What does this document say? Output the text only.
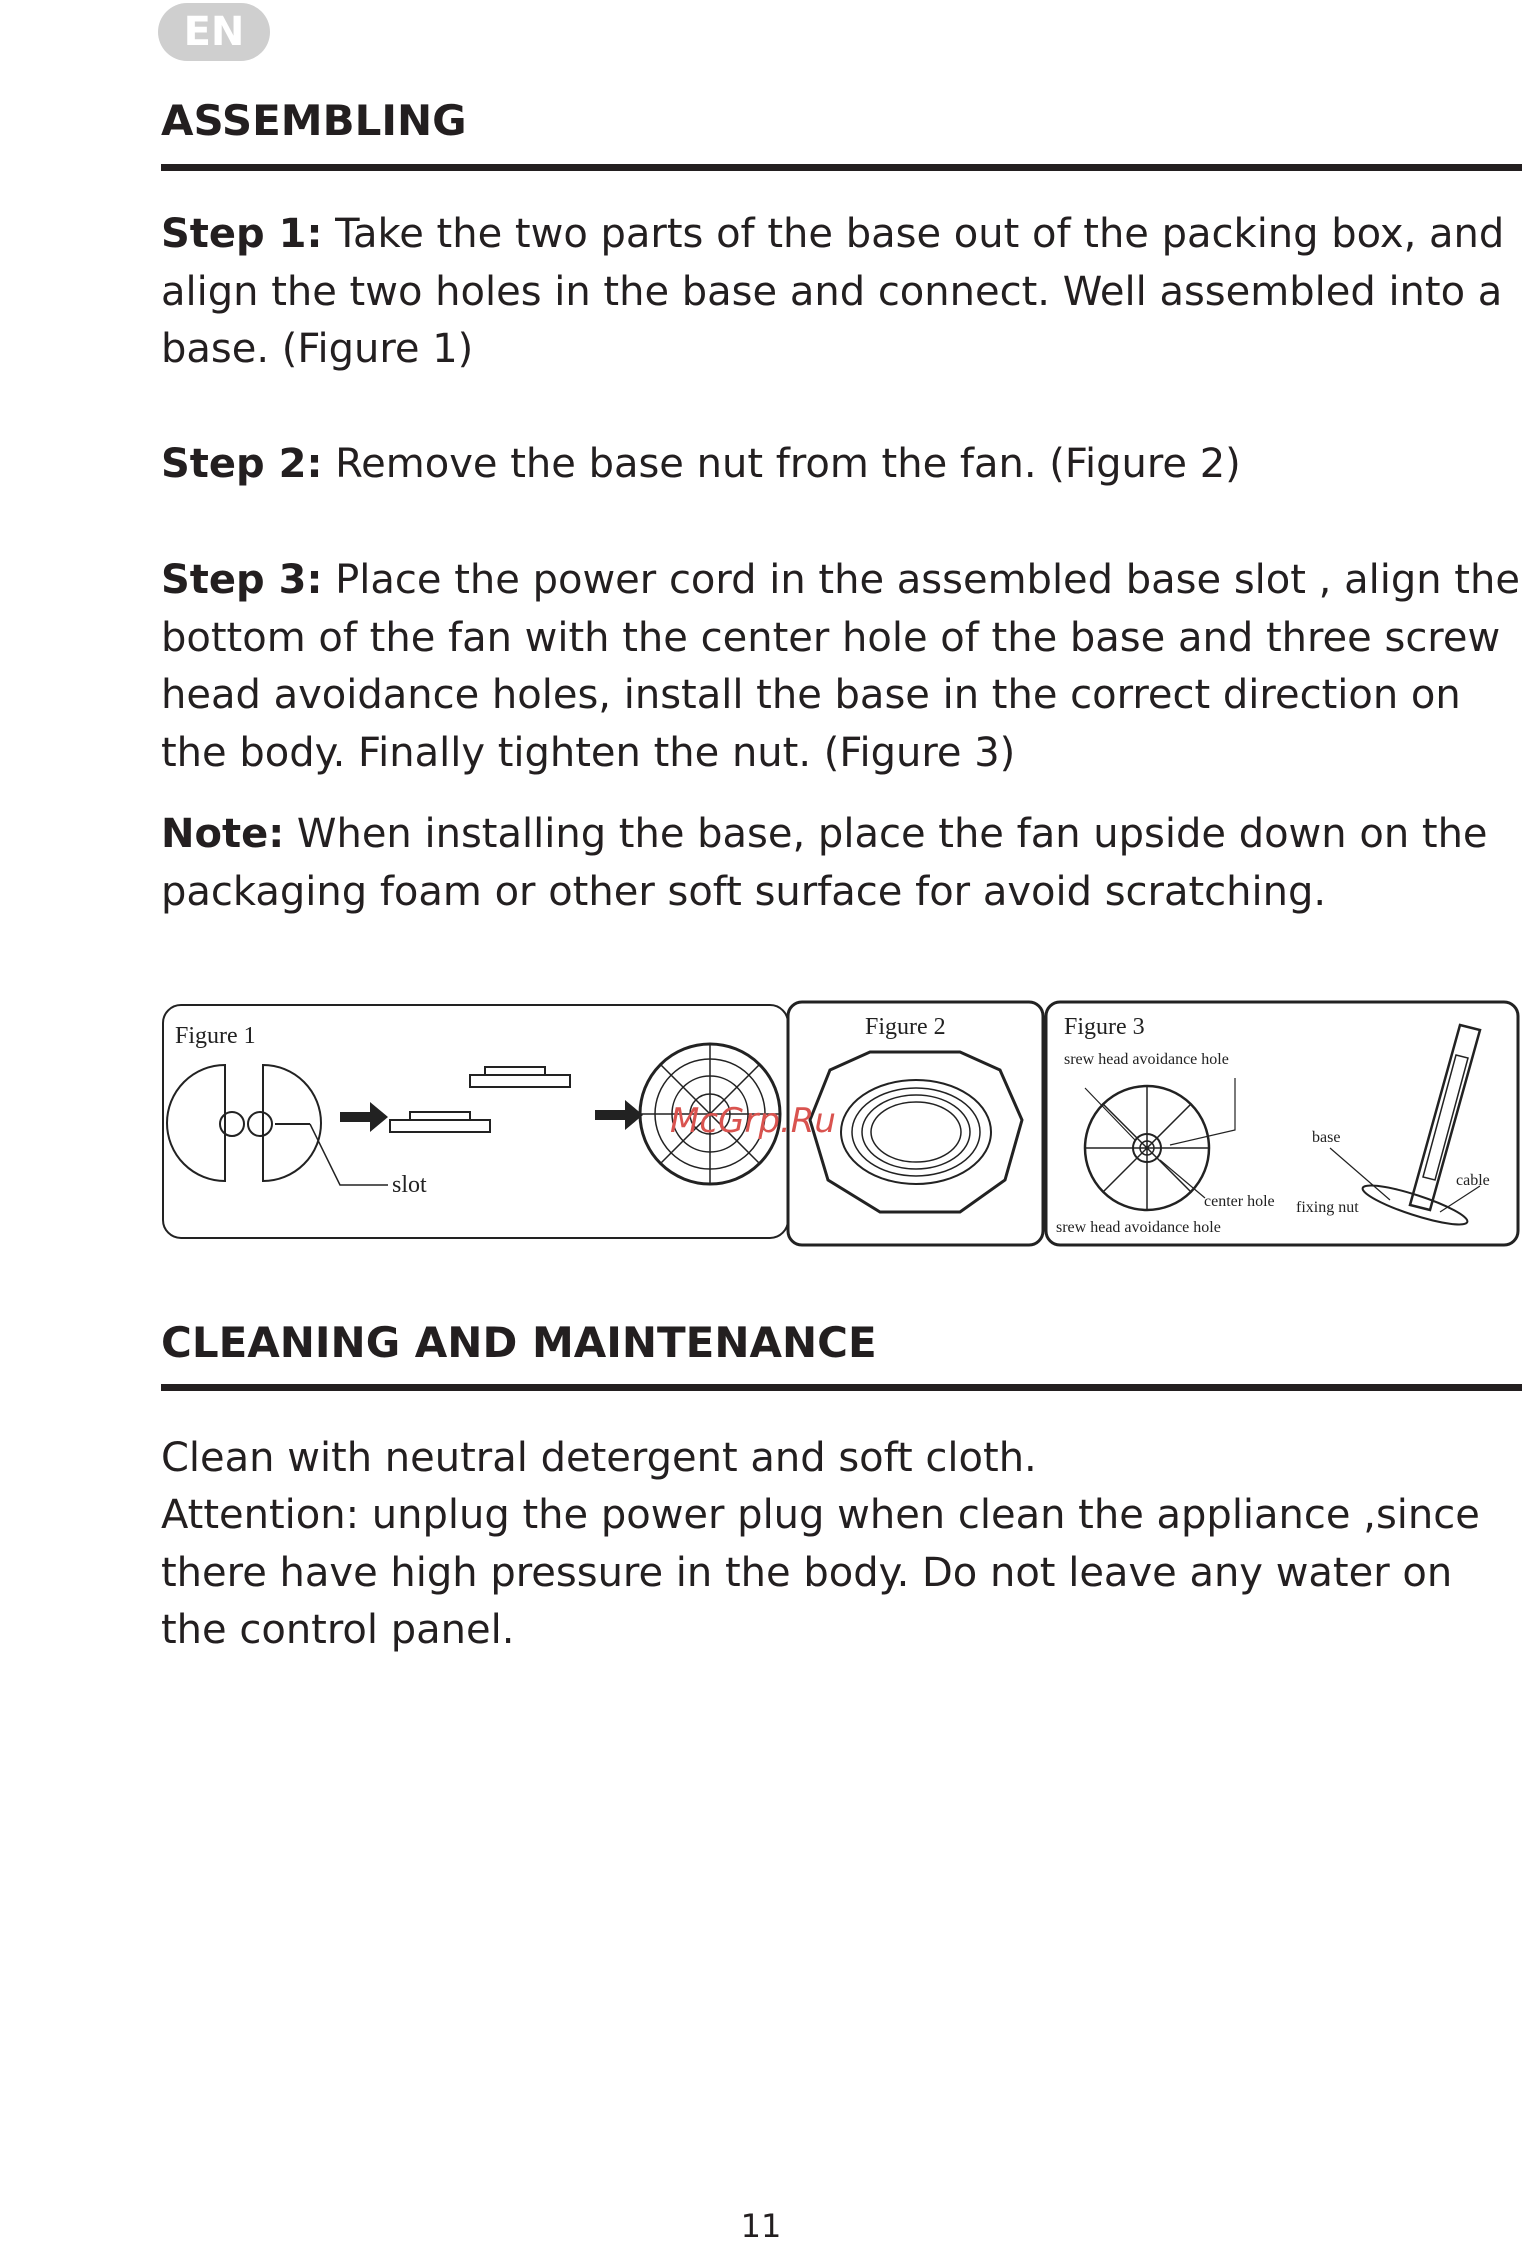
EN
ASSEMBLING

Step 1: Take the two parts of the base out of the packing box, and align the two holes in the base and connect. Well assembled into a base. (Figure 1)

Step 2: Remove the base nut from the fan. (Figure 2)

Step 3: Place the power cord in the assembled base slot , align the bottom of the fan with the center hole of the base and three screw head avoidance holes, install the base in the correct direction on the body. Finally tighten the nut. (Figure 3)

Note: When installing the base, place the fan upside down on the packaging foam or other soft surface for avoid scratching.

Figure 1
slot
Figure 2	Figure 3
srew head avoidance hole
center hole
srew head avoidance hole
base
fixing nut
cable
McGrp.Ru
CLEANING AND MAINTENANCE

Clean with neutral detergent and soft cloth.

Attention: unplug the power plug when clean the appliance ,since there have high pressure in the body. Do not leave any water on the control panel.

11
